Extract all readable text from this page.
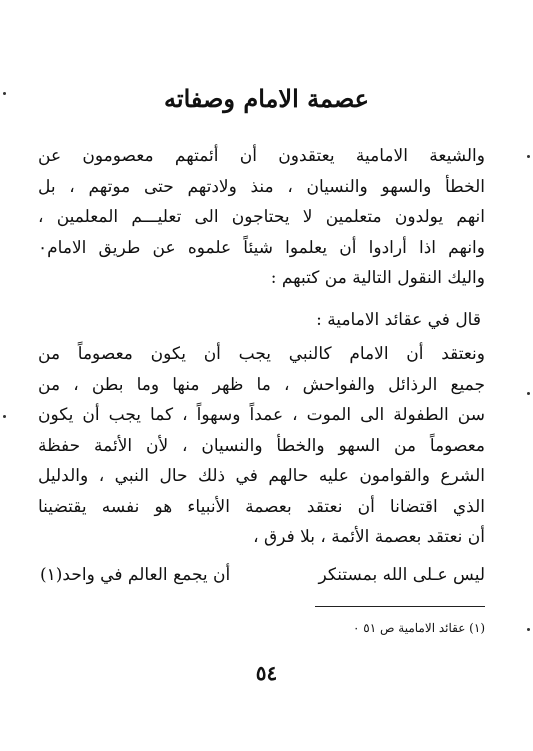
عصمة الامام وصفاته
والشيعة الامامية يعتقدون أن أئمتهم معصومون عن
الخطأ والسهو والنسيان ، منذ ولادتهم حتى موتهم ، بل
انهم يولدون متعلمين لا يحتاجون الى تعليـــم المعلمين ،
وانهم اذا أرادوا أن يعلموا شيئاً علموه عن طريق الامام٠
واليك النقول التالية من كتبهم :

قال في عقائد الامامية :

ونعتقد أن الامام كالنبي يجب أن يكون معصوماً من
جميع الرذائل والفواحش ، ما ظهر منها وما بطن ، من
سن الطفولة الى الموت ، عمداً وسهواً ، كما يجب أن يكون
معصوماً من السهو والخطأ والنسيان ، لأن الأئمة حفظة
الشرع والقوامون عليه حالهم في ذلك حال النبي ، والدليل
الذي اقتضانا أن نعتقد بعصمة الأنبياء هو نفسه يقتضينا
أن نعتقد بعصمة الأئمة ، بلا فرق ،
ليس عـلى الله بمستنكر
أن يجمع العالم في واحد(١)

(١) عقائد الامامية ص ٥١ ٠

٥٤
